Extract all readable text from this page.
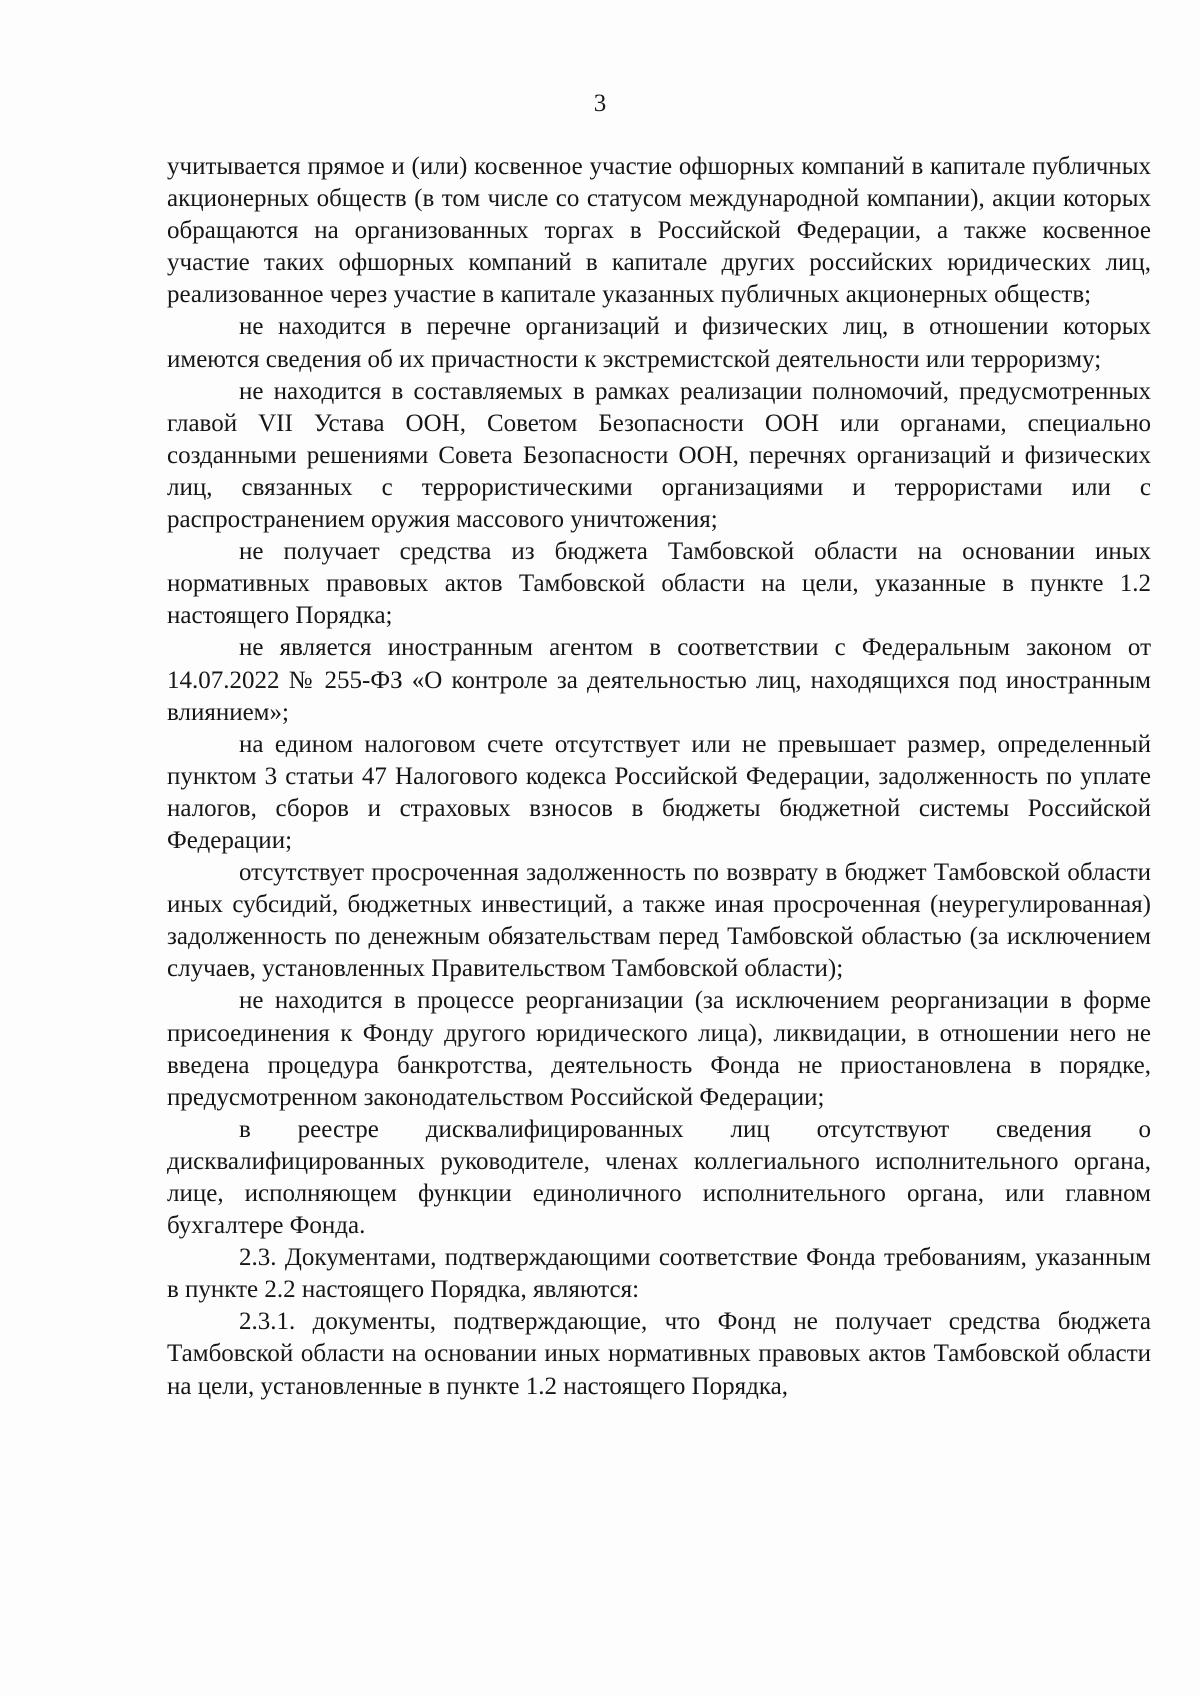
3

учитывается прямое и (или) косвенное участие офшорных компаний в капитале публичных акционерных обществ (в том числе со статусом международной компании), акции которых обращаются на организованных торгах в Российской Федерации, а также косвенное участие таких офшорных компаний в капитале других российских юридических лиц, реализованное через участие в капитале указанных публичных акционерных обществ;

не находится в перечне организаций и физических лиц, в отношении которых имеются сведения об их причастности к экстремистской деятельности или терроризму;

не находится в составляемых в рамках реализации полномочий, предусмотренных главой VII Устава ООН, Советом Безопасности ООН или органами, специально созданными решениями Совета Безопасности ООН, перечнях организаций и физических лиц, связанных с террористическими организациями и террористами или с распространением оружия массового уничтожения;

не получает средства из бюджета Тамбовской области на основании иных нормативных правовых актов Тамбовской области на цели, указанные в пункте 1.2 настоящего Порядка;

не является иностранным агентом в соответствии с Федеральным законом от 14.07.2022 № 255-ФЗ «О контроле за деятельностью лиц, находящихся под иностранным влиянием»;

на едином налоговом счете отсутствует или не превышает размер, определенный пунктом 3 статьи 47 Налогового кодекса Российской Федерации, задолженность по уплате налогов, сборов и страховых взносов в бюджеты бюджетной системы Российской Федерации;

отсутствует просроченная задолженность по возврату в бюджет Тамбовской области иных субсидий, бюджетных инвестиций, а также иная просроченная (неурегулированная) задолженность по денежным обязательствам перед Тамбовской областью (за исключением случаев, установленных Правительством Тамбовской области);

не находится в процессе реорганизации (за исключением реорганизации в форме присоединения к Фонду другого юридического лица), ликвидации, в отношении него не введена процедура банкротства, деятельность Фонда не приостановлена в порядке, предусмотренном законодательством Российской Федерации;

в реестре дисквалифицированных лиц отсутствуют сведения о дисквалифицированных руководителе, членах коллегиального исполнительного органа, лице, исполняющем функции единоличного исполнительного органа, или главном бухгалтере Фонда.

2.3. Документами, подтверждающими соответствие Фонда требованиям, указанным в пункте 2.2 настоящего Порядка, являются:

2.3.1. документы, подтверждающие, что Фонд не получает средства бюджета Тамбовской области на основании иных нормативных правовых актов Тамбовской области на цели, установленные в пункте 1.2 настоящего Порядка,
